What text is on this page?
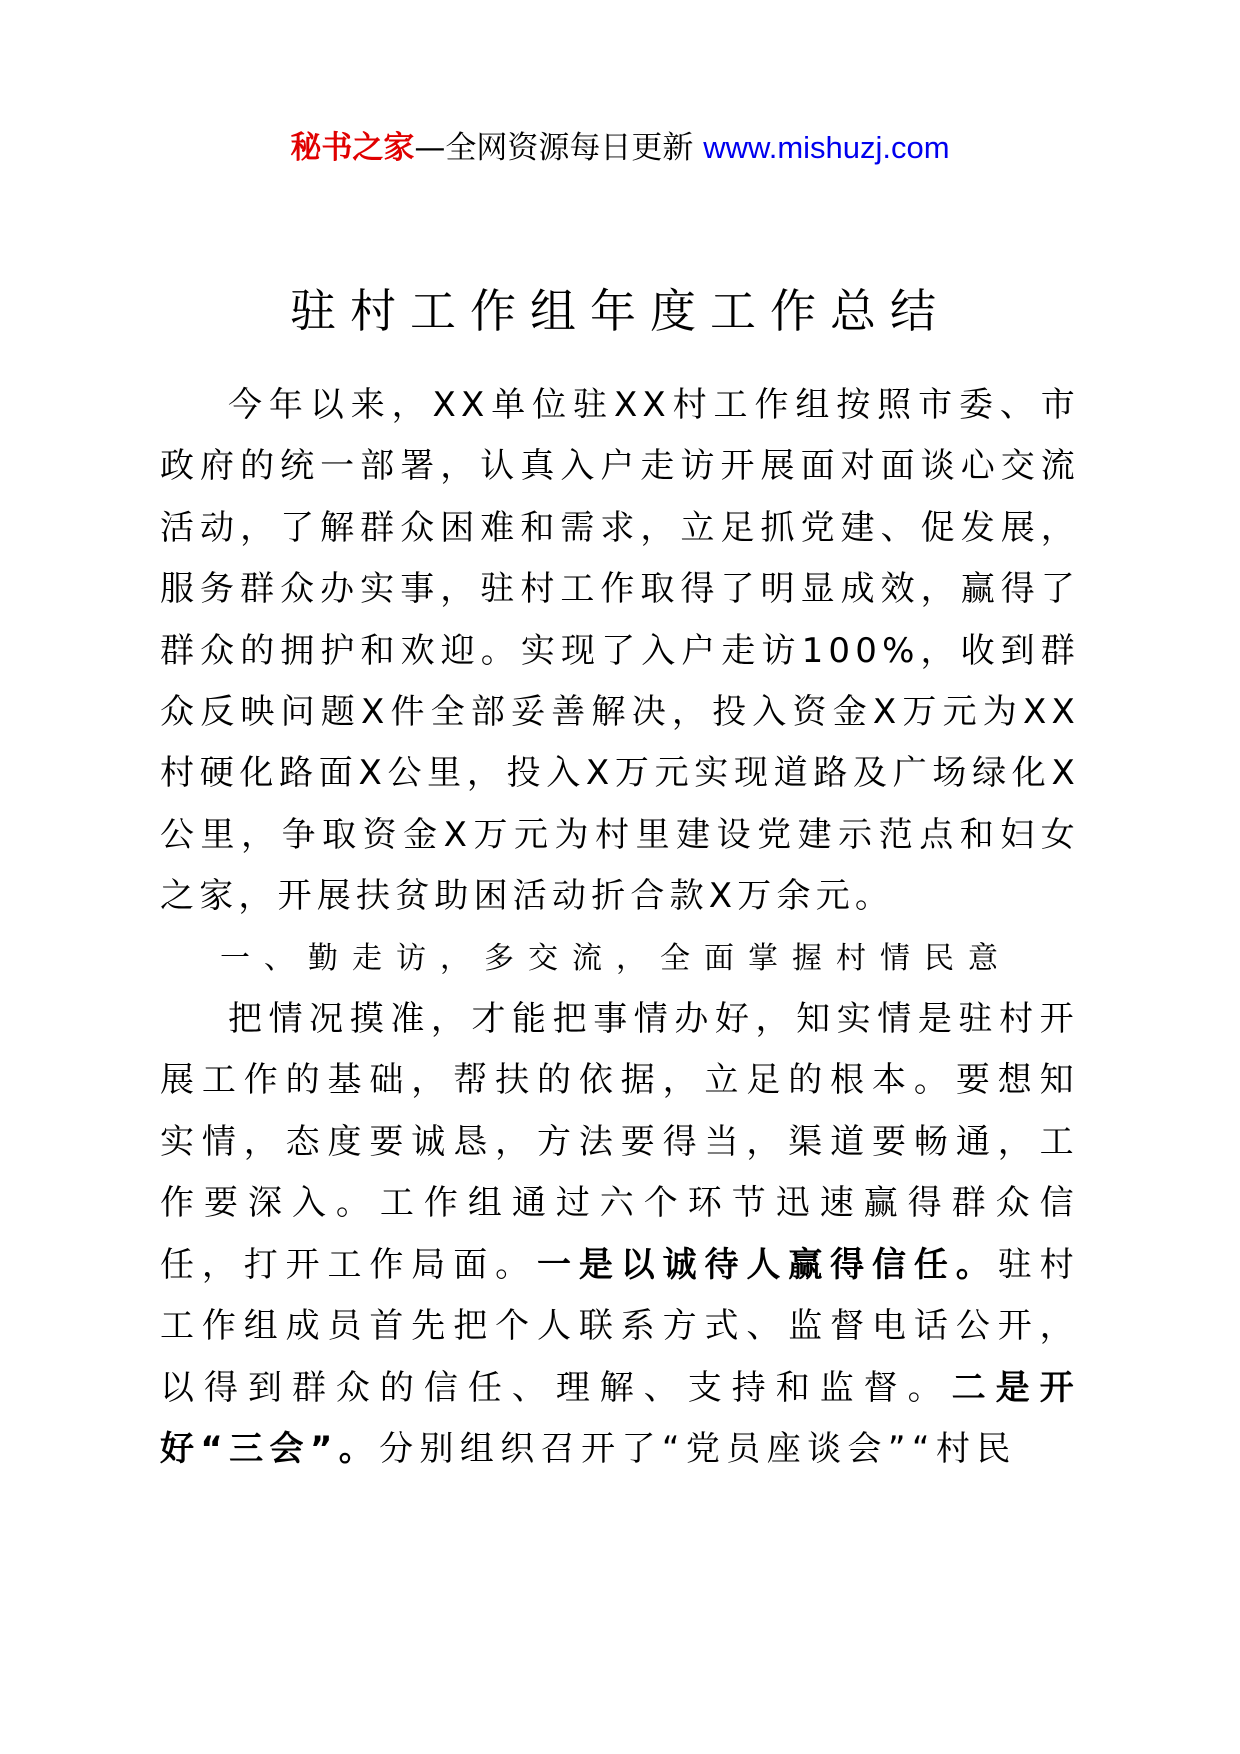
秘书之家—全网资源每日更新 www.mishuzj.com
驻村工作组年度工作总结

今年以来，XX单位驻XX村工作组按照市委、市政府的统一部署，认真入户走访开展面对面谈心交流活动，了解群众困难和需求，立足抓党建、促发展，服务群众办实事，驻村工作取得了明显成效，赢得了群众的拥护和欢迎。实现了入户走访100%，收到群众反映问题X件全部妥善解决，投入资金X万元为XX村硬化路面X公里，投入X万元实现道路及广场绿化X公里，争取资金X万元为村里建设党建示范点和妇女之家，开展扶贫助困活动折合款X万余元。

一、勤走访，多交流，全面掌握村情民意

把情况摸准，才能把事情办好，知实情是驻村开展工作的基础，帮扶的依据，立足的根本。要想知实情，态度要诚恳，方法要得当，渠道要畅通，工作要深入。工作组通过六个环节迅速赢得群众信任，打开工作局面。一是以诚待人赢得信任。驻村工作组成员首先把个人联系方式、监督电话公开，以得到群众的信任、理解、支持和监督。二是开好“三会”。分别组织召开了“党员座谈会”“村民
